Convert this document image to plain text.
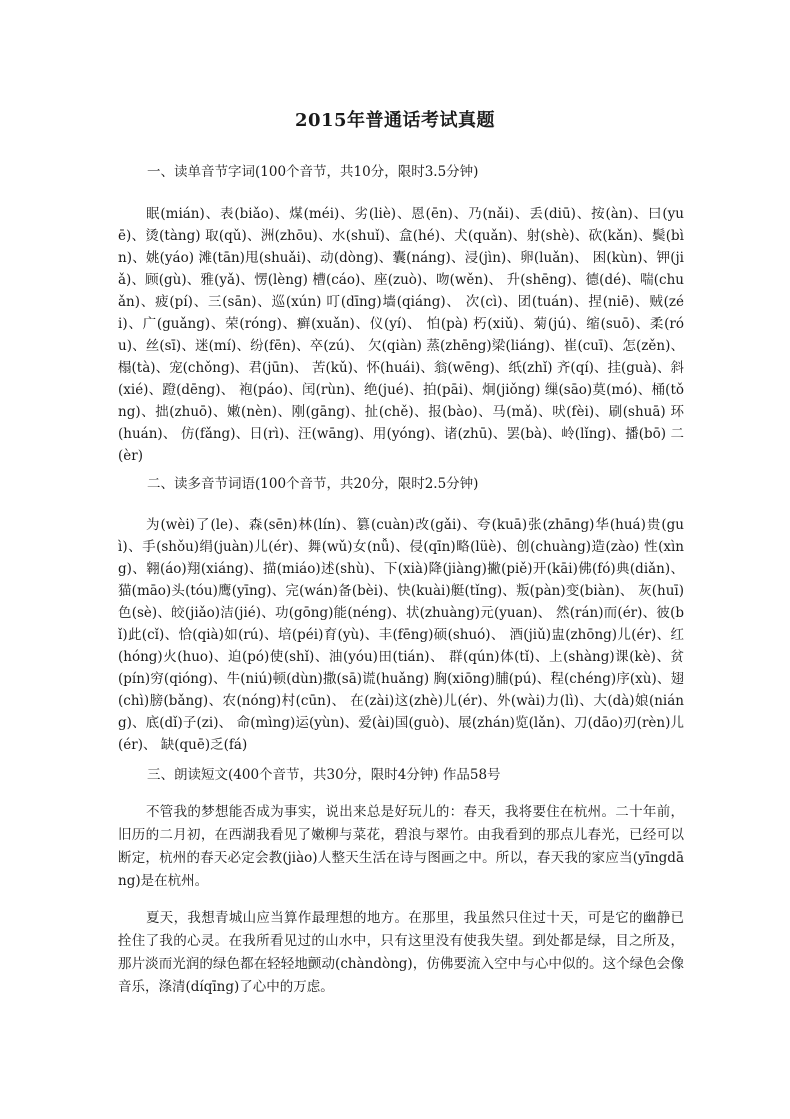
2015年普通话考试真题
一、读单音节字词(100个音节，共10分，限时3.5分钟)

眠(mián)、表(biǎo)、煤(méi)、劣(liè)、恩(ēn)、乃(nǎi)、丢(diū)、按(àn)、曰(yuē)、烫(tàng) 取(qǔ)、洲(zhōu)、水(shuǐ)、盒(hé)、犬(quǎn)、射(shè)、砍(kǎn)、鬓(bìn)、姚(yáo) 滩(tān)甩(shuǎi)、动(dòng)、囊(náng)、浸(jìn)、卵(luǎn)、 困(kùn)、钾(jiǎ)、顾(gù)、雅(yǎ)、愣(lèng) 槽(cáo)、座(zuò)、吻(wěn)、 升(shēng)、德(dé)、喘(chuǎn)、疲(pí)、三(sān)、巡(xún) 叮(dīng)墙(qiáng)、 次(cì)、团(tuán)、捏(niē)、贼(zéi)、广(guǎng)、荣(róng)、癣(xuǎn)、仪(yí)、 怕(pà) 朽(xiǔ)、菊(jú)、缩(suō)、柔(róu)、丝(sī)、迷(mí)、纷(fēn)、卒(zú)、 欠(qiàn) 蒸(zhēng)梁(liáng)、崔(cuī)、怎(zěn)、榻(tà)、宠(chǒng)、君(jūn)、 苦(kǔ)、怀(huái)、翁(wēng)、纸(zhǐ) 齐(qí)、挂(guà)、斜(xié)、蹬(dēng)、 袍(páo)、闰(rùn)、绝(jué)、拍(pāi)、炯(jiǒng) 缫(sāo)莫(mó)、桶(tǒng)、拙(zhuō)、嫩(nèn)、刚(gāng)、扯(chě)、报(bào)、马(mǎ)、吠(fèi)、刷(shuā) 环(huán)、 仿(fǎng)、日(rì)、汪(wāng)、用(yóng)、诸(zhū)、罢(bà)、岭(lǐng)、播(bō) 二(èr)

二、读多音节词语(100个音节，共20分，限时2.5分钟)

为(wèi)了(le)、森(sēn)林(lín)、篡(cuàn)改(gǎi)、夸(kuā)张(zhāng)华(huá)贵(guì)、手(shǒu)绢(juàn)儿(ér)、舞(wǔ)女(nǚ)、侵(qīn)略(lüè)、创(chuàng)造(zào) 性(xìng)、翱(áo)翔(xiáng)、描(miáo)述(shù)、下(xià)降(jiàng)撇(piě)开(kāi)佛(fó)典(diǎn)、猫(māo)头(tóu)鹰(yīng)、完(wán)备(bèi)、快(kuài)艇(tǐng)、叛(pàn)变(biàn)、 灰(huī)色(sè)、皎(jiǎo)洁(jié)、功(gōng)能(néng)、状(zhuàng)元(yuan)、 然(rán)而(ér)、彼(bǐ)此(cǐ)、恰(qià)如(rú)、培(péi)育(yù)、丰(fēng)硕(shuó)、 酒(jiǔ)盅(zhōng)儿(ér)、红(hóng)火(huo)、迫(pó)使(shǐ)、油(yóu)田(tián)、 群(qún)体(tǐ)、上(shàng)课(kè)、贫(pín)穷(qióng)、牛(niú)顿(dùn)撒(sā)谎(huǎng) 胸(xiōng)脯(pú)、程(chéng)序(xù)、翅(chì)膀(bǎng)、农(nóng)村(cūn)、 在(zài)这(zhè)儿(ér)、外(wài)力(lì)、大(dà)娘(niáng)、底(dǐ)子(zi)、 命(mìng)运(yùn)、爱(ài)国(guò)、展(zhán)览(lǎn)、刀(dāo)刃(rèn)儿(ér)、 缺(quē)乏(fá)

三、朗读短文(400个音节，共30分，限时4分钟) 作品58号

不管我的梦想能否成为事实，说出来总是好玩儿的：春天，我将要住在杭州。二十年前，旧历的二月初，在西湖我看见了嫩柳与菜花，碧浪与翠竹。由我看到的那点儿春光，已经可以断定，杭州的春天必定会教(jiào)人整天生活在诗与图画之中。所以，春天我的家应当(yīngdāng)是在杭州。

夏天，我想青城山应当算作最理想的地方。在那里，我虽然只住过十天，可是它的幽静已拴住了我的心灵。在我所看见过的山水中，只有这里没有使我失望。到处都是绿，目之所及，那片淡而光润的绿色都在轻轻地颤动(chàndòng)，仿佛要流入空中与心中似的。这个绿色会像音乐，涤清(díqīng)了心中的万虑。
